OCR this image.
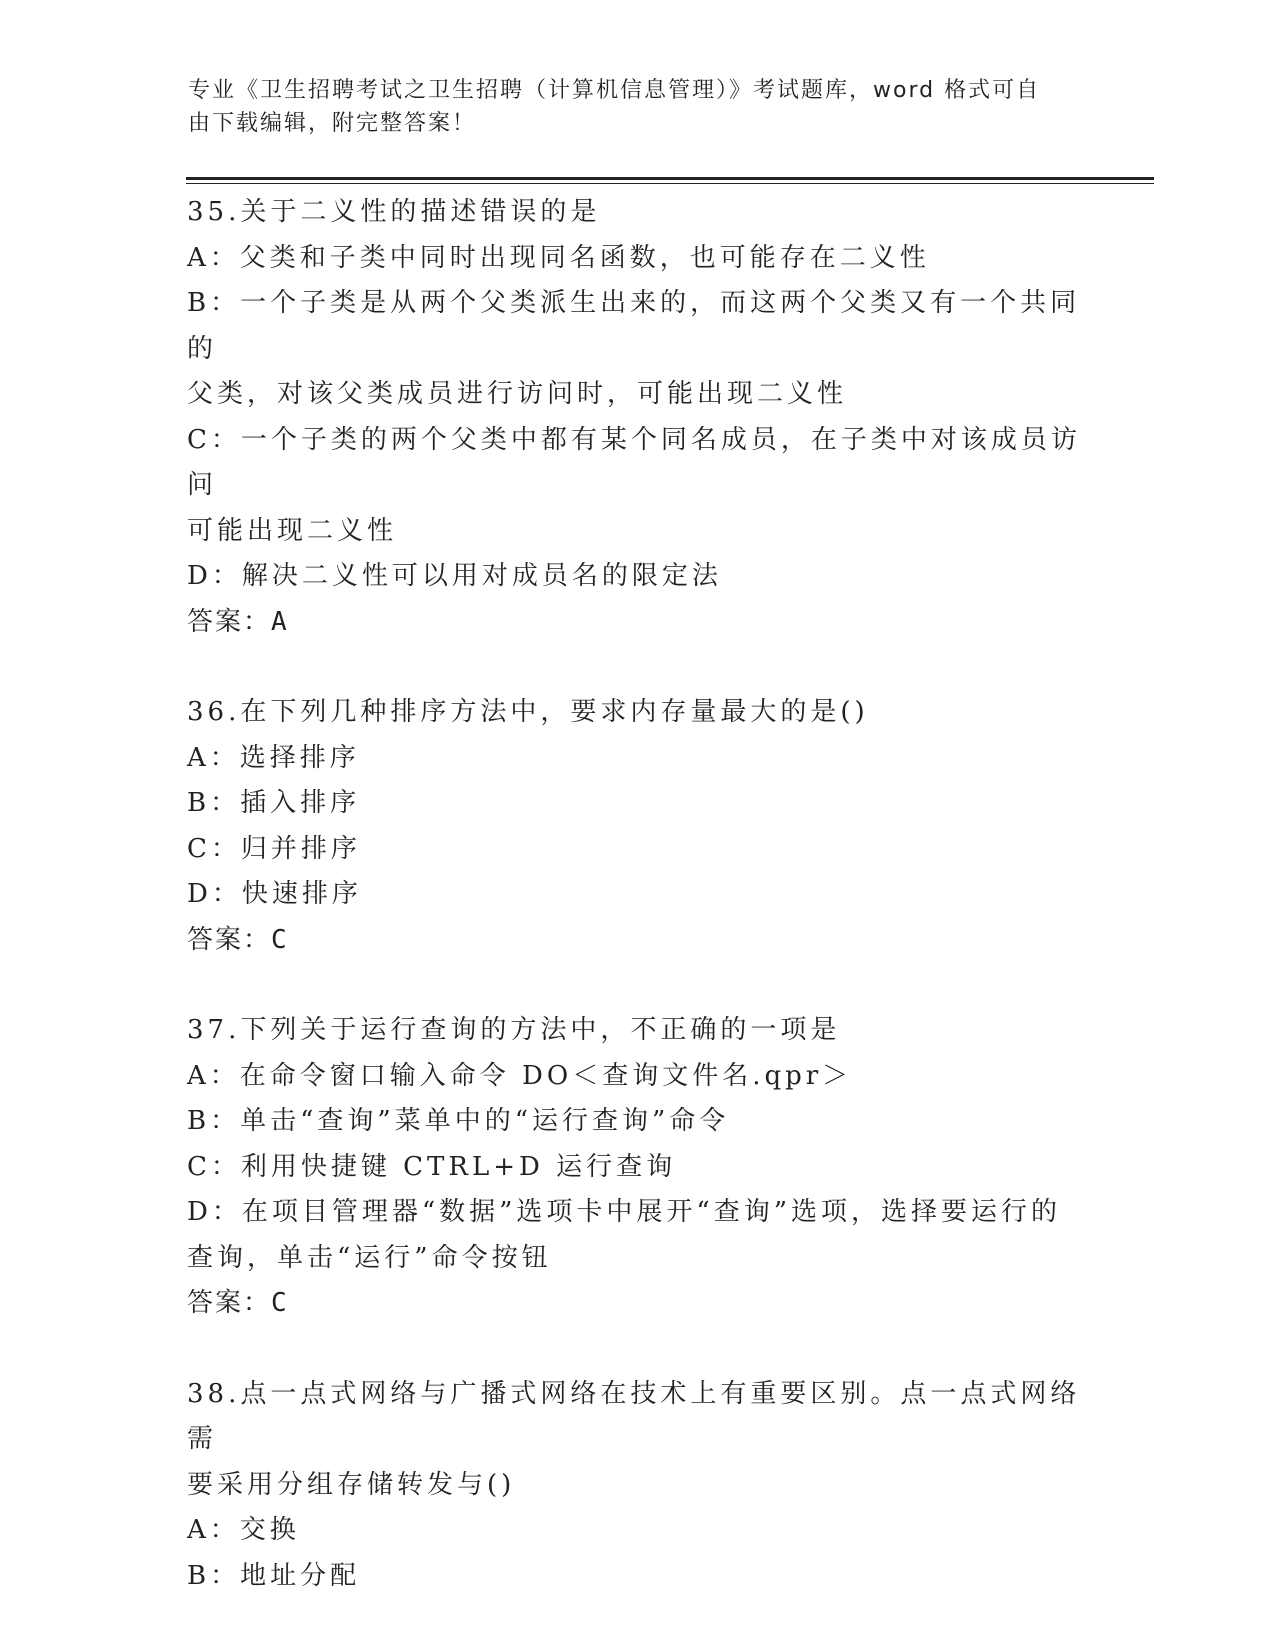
专业《卫生招聘考试之卫生招聘（计算机信息管理）》考试题库，word 格式可自
由下载编辑，附完整答案！
35.关于二义性的描述错误的是
A：父类和子类中同时出现同名函数，也可能存在二义性
B：一个子类是从两个父类派生出来的，而这两个父类又有一个共同的
父类，对该父类成员进行访问时，可能出现二义性
C：一个子类的两个父类中都有某个同名成员，在子类中对该成员访问
可能出现二义性
D：解决二义性可以用对成员名的限定法
答案：A
36.在下列几种排序方法中，要求内存量最大的是()
A：选择排序
B：插入排序
C：归并排序
D：快速排序
答案：C
37.下列关于运行查询的方法中，不正确的一项是
A：在命令窗口输入命令 DO＜查询文件名.qpr＞
B：单击“查询”菜单中的“运行查询”命令
C：利用快捷键 CTRL+D 运行查询
D：在项目管理器“数据”选项卡中展开“查询”选项，选择要运行的
查询，单击“运行”命令按钮
答案：C
38.点一点式网络与广播式网络在技术上有重要区别。点一点式网络需
要采用分组存储转发与()
A：交换
B：地址分配
